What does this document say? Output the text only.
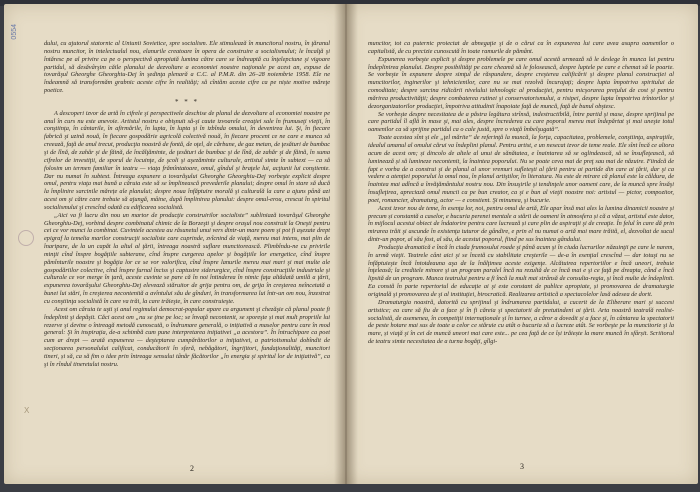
0554
X

dului, cu ajutorul statornic al Uniunii Sovietice, spre socialism. Ele stimulează în muncitorul nostru, în ţăranul nostru muncitor, în intelectualul nou, elanurile creatoare în opera de construire a socialismului; le încalţă şi întăresc pe al privire ca pe o perspectivă apropiată lumina către care se îndreaptă cu înţelepciune şi vigoare partidul, să desăvârşim căile planului de dezvoltare a economiei noastre naţionale pe acest an, expuse de tovarăşul Gheorghe Gheorghiu-Dej în şedinţa plenară a C.C. al P.M.R. din 26–28 noiembrie 1958. Ele ne îndeamnă să transformăm grabnic aceste cifre în realităţi; să cîntăm aceste cifre ca pe niște motive măreţe poetice.

* * *

A descoperi izvor de artă în cifrele şi perspectivele deschise de planul de dezvoltare al economiei noastre pe anul în curs nu este anevoie. Artistul nostru e obişnuit să-şi caute izvoarele creaţiei sale în frumuseţi vieţii, în conştiinţa, în cântarile, în afirmările, în lupta, în lupta şi în izbînda omului, în devenirea lui. Şi, în fiecare fabrică şi uzină nouă, în fiecare gospodărie agricolă colectivă nouă, în fiecare procent ce ne care e munca să creează, faţă de anul trecut, producţia noastră de fontă, de oţel, de cărbune, de gaz metan, de ţesături de bumbac şi de lînă, de zahăr şi de făină, de încălţăminte, de ţesături de bumbac şi de lînă, de zahăr şi de făină, în suma cifrelor de investiţii, de sporul de locuinţe, de şcoli şi aşezăminte culturale, artistul simte în subtext — ca să folosim un termen familiar în teatru — viaţa frămîntatoare, omul, gîndul şi braţele lui, acţiunii lui conştiente. Dar nu numai în subtext. Întreaga expunere a tovarăşului Gheorghe Gheorghiu-Dej vorbeşte explicit despre omul, pentru viaţa mai bună a căruia este să se împlinească prevederile planului; despre omul în stare să ducă la împlinire sarcinile mărețe ale planului; despre noua înfăptuire morală şi culturală la care a ajuns până azi acest om şi către care trebuie să ajungă, mâine, după împlinirea planului: despre omul-erou, crescut în spiritul socialismului şi crescînd odată cu edificarea socialistă.

„Aici va fi lucru din nou un martor de producţie construirilor socialiste” subliniază tovarăşul Gheorghe Gheorghiu-Dej, vorbind despre combinatul chimic de la Borzeşti şi despre oraşul nou construit la Oneşti pentru cei ce vor munci la combinat. Cuvintele acestea au răsunetul unui vers dintr-un mare poem şi pot fi aşezate drept epigraf la temelia marilor construcţii socialiste care cuprinde, zvîcnind de viaţă, mereu mai intens, mai plin de înaripare, de la un capăt la altul al ţării, întreaga noastră suflare muncitorească. Plimbîndu-ne cu privirile minţii cînd înspre bogăţiile subterane, cînd înspre curgerea apelor şi bogăţiile lor energetice, cînd înspre pămînturile noastre şi bogăţia lor ce se vor valorifica, cînd înspre lanurile mereu mai mari şi mai multe ale gospodăriilor colective, cînd înspre furnal înciss şi captusire siderurgice, cînd înspre construcţiile industriale şi culturale ce vor merge în ţară, aceste cuvinte se pare că în noi întinderea în nimic faţa altădată umilă a ţării, expunerea tovarăşului Gheorghiu-Dej elevează stăruitor de grija pentru om, de grija în creşterea neîncetată a bunei lui stări, în creşterea necontenită a avîntului său de gînduri, în transformarea lui într-un om nou, înzestrat cu conştiinţa socialistă în care va trăi, la care trăieşte, în care construieşte.

Acest om căruia te uşti şi anul regimului democrat-popular apare ca argument şi chezăşie că planul poate fi îndeplinit şi depăşit. Căci acest om „nu se ţine pe loc; se învaţă necontenit, se sporeşte și mai mult propriile lui rezerve şi devine o întreagă metodă cunoscută, o îndrumare generală, o inițiativă a maselor pentru care în mod general: Şi în inspiraţia, de-a schimbă cum pune interpretarea iniţiativei „a acestora”. În întruchipare ca poet cum ar drept — arată expunerea — deşteptarea cumpărătorilor a iniţiativei, a patriotismului dobîndit de secţionarea personalului calificat, conducătorii în sferă, nebăgători, îngrijitori, fundaţionalităţi, muncitori tineri, și să, ca să fim o idee prin întreaga sensului tânăr făcătorilor „în energia şi spiritul lor de iniţiativă”, ca şi în rîndul tineretului nostru.

2

muncitor, tot ca puternic proiectat de abnegaţie şi de o cărui ca în expunerea lui care avea asupra oamenilor o capitalistă, de cu precizie cunoscută în toate ramurile de pământ.

Expunerea vorbeşte explicit şi despre problemele pe care omul acestă urmează să le deslege în munca lui pentru îndeplinirea planului. Despre posibilităţi pe care cheamă să le folosească, despre luptele pe care e chemat să le poarte. Se vorbeşte în expunere despre simţul de răspundere, despre creşterea calificării şi despre planul construcţiei al muncitorilor, inginerilor şi tehnicienilor, care nu se mai rezolvă încurajaţi; despre lupta împotriva spiritului de comoditate; despre sarcina ridicării nivelului tehnologic al producţiei, pentru micşorarea preţului de cost şi pentru mărirea productivităţii; despre combaterea rutinei şi conservatorismului, a risipei, despre lupta împotriva trîntorilor şi dezorganizatorilor producţiei, împotriva atitudinii înapoiate faţă de muncă, faţă de bunul obştesc.

Se vorbeşte despre necesitatea de a păstra legătura strînsă, indestructibilă, între partid şi mase, despre sprijinul pe care partidul îl află în mase şi, mai ales, despre încrederea cu care poporul mereu mai îndepărtat şi mai uneşte totul oamenilor ca să sprijine partidul ca o cale justă, spre o viaţă îmbelşugată”.

Toate acestea sînt şi ele „ţel mărite” de referinţă la muncă, la forţa, capacitatea, problemele, conştiinţa, aspiraţiile, idealul umanul al omului cărui va îndeplini planul. Pentru artist, e un nesecat izvor de teme reale. Ele sînt încă ce altora acum de acest om; și dincolo de altele al unui de sănătatea, e înaintarea să se oglindească, să se însufleţească, să luminează și să lumineze necontenit, la înaintea poporului. Nu se poate ceva mai de preţ sau mai de năzuire. Fiindcă de fapt e vorba de a construi şi de planul al unor vremuri sufleteşti al ţării pentru ai partide din care ai ţării, dar şi ca vedere a atenţiei poporului la omul nou, în planul artiştilor, în literatura. Nu este de mirare că planul este la căldura, de înaintea mai adîncă a învăţământului nostru nou. Din însuşirile şi tendinţele unor oameni care, de la muncă spre însăşi însufleţirea, apreciază omul muncii ca pe bun creator, ca şi e bun al vieţii noastre noi: artistul — pictor, compozitor, poet, romancier, dramaturg, actor — e constient. Şi minunea, şi bucurie.

Acest izvor nou de teme, în esenţa lor, noi, pentru omul de artă, Ele apar însă mai ales la lumina dinamicii noastre și precum și constantă a caselor, e bucuria perenei mentale a stării de oameni în atmosfera și că a văzut, artistul este dator, în mijlocul acestui obiect de îndatorire pentru care lucrează și care plin de aspiraţii şi de creaţie. În felul în care dă prin mirarea trăit şi ascunde în existenţa tuturor de gândire, e prin el nu numai o artă mai mare trăită, el, dezvoltat de sucul dintr-un popor, al său fost, al său, de acestui poporul, fiind pe sus înaintea gândului.

Producţia dramatică e încă în ciuda frumosului roade şi până acum şi în ciuda lucrurilor năzuinţii pe care le narem, în urmă vieţii. Teatrele cânt aici şi se încetă cu stabilitate creşterile — de-a în esenţial crescînd — dar totuşi nu se înfăptuieşte încă întotdeauna aşa de la înălţimea aceste exigenţe. Alcătuirea repertoriilor e încă uneori, trebuie înţeleasă; la creditele minore şi un program paralel încă nu rezultă de ce încă mai e şi ce faţă pe dreapta, când e încă lipsită de un program. Munca teatrului pentru a fi încă la mult mai strânsă de consulta-regia, şi încă multe de îndeplinit. Ea constă în parte repertoriul de educaţie ai şi este constant de publice apropiate, și promovarea de dramaturgie originală şi promovarea de şi al instituţiei, birocratică. Realizarea artistică a spectacolelor lasă adesea de dorit.

Dramaturgia noastră, datorită cu sprijinul şi îndrumarea partidului, a cucerit de la Eliberare mari şi succesi artistice; ea care să fiu de a face şi în fi căreia şi spectatorii de pretutindeni ai ţării. Arta noastră teatrală realist-socialistă, de asemenea, în competiţii internaţionale şi în turnee, a căror a dovedit şi a face şi, în cântarea la spectatorii de peste hotare mai sus de toate a celor ce stăruie cu atât o bucuria să a lucreze atât. Se vorbeşte pe la muncitorie şi la mare, și viaţă şi în cei de muncă uneori mai care este... pe cea faţă de ce își trăiește la mare muncă în sfârșit. Scriitorul de teatru simte necesitatea de a turna bogăţi, gîlgi-

3
